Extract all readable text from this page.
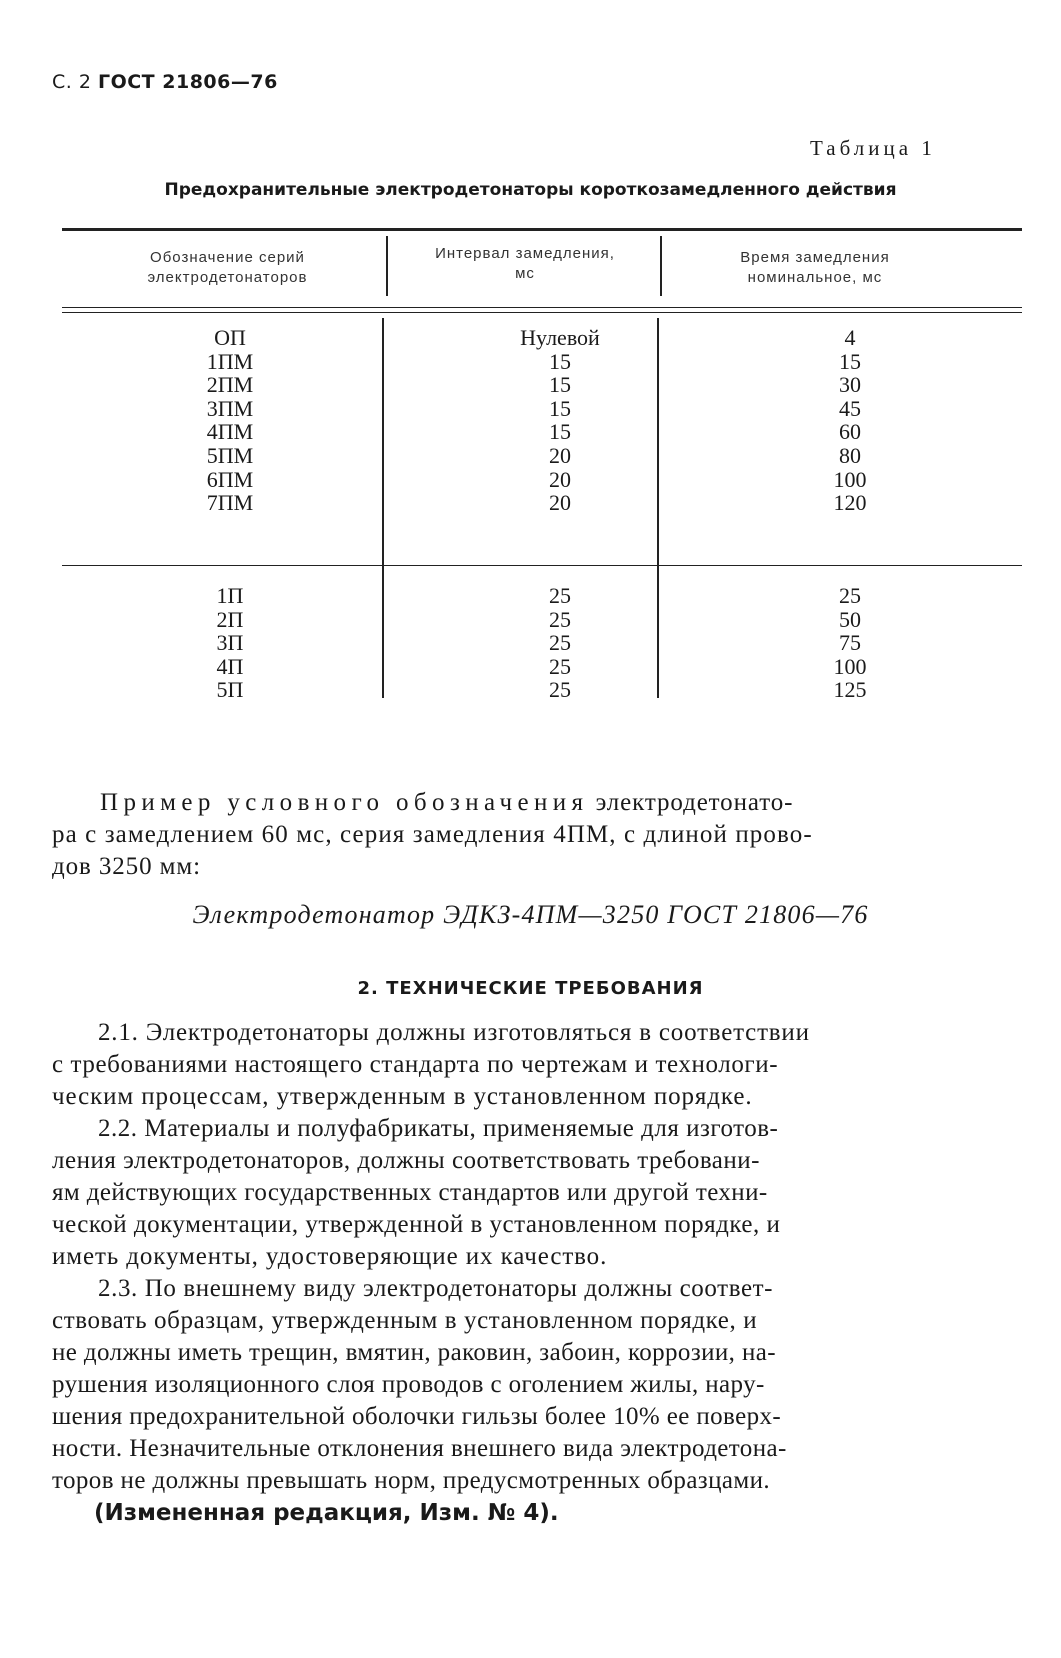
С. 2 ГОСТ 21806—76
Таблица 1
Предохранительные электродетонаторы короткозамедленного действия
Обозначение серий
электродетонаторов
Интервал замедления,
мс
Время замедления
номинальное, мс
ОП
1ПМ
2ПМ
3ПМ
4ПМ
5ПМ
6ПМ
7ПМ
Нулевой
15
15
15
15
20
20
20
4
15
30
45
60
80
100
120
1П
2П
3П
4П
5П
25
25
25
25
25
25
50
75
100
125
Пример условного обозначения электродетонато-
ра с замедлением 60 мс, серия замедления 4ПМ, с длиной прово-
дов 3250 мм:
Электродетонатор ЭДКЗ-4ПМ—3250 ГОСТ 21806—76
2. ТЕХНИЧЕСКИЕ ТРЕБОВАНИЯ
2.1. Электродетонаторы должны изготовляться в соответствии
с требованиями настоящего стандарта по чертежам и технологи-
ческим процессам, утвержденным в установленном порядке.
2.2. Материалы и полуфабрикаты, применяемые для изготов-
ления электродетонаторов, должны соответствовать требовани-
ям действующих государственных стандартов или другой техни-
ческой документации, утвержденной в установленном порядке, и
иметь документы, удостоверяющие их качество.
2.3. По внешнему виду электродетонаторы должны соответ-
ствовать образцам, утвержденным в установленном порядке, и
не должны иметь трещин, вмятин, раковин, забоин, коррозии, на-
рушения изоляционного слоя проводов с оголением жилы, нару-
шения предохранительной оболочки гильзы более 10% ее поверх-
ности. Незначительные отклонения внешнего вида электродетона-
торов не должны превышать норм, предусмотренных образцами.
(Измененная редакция, Изм. № 4).
